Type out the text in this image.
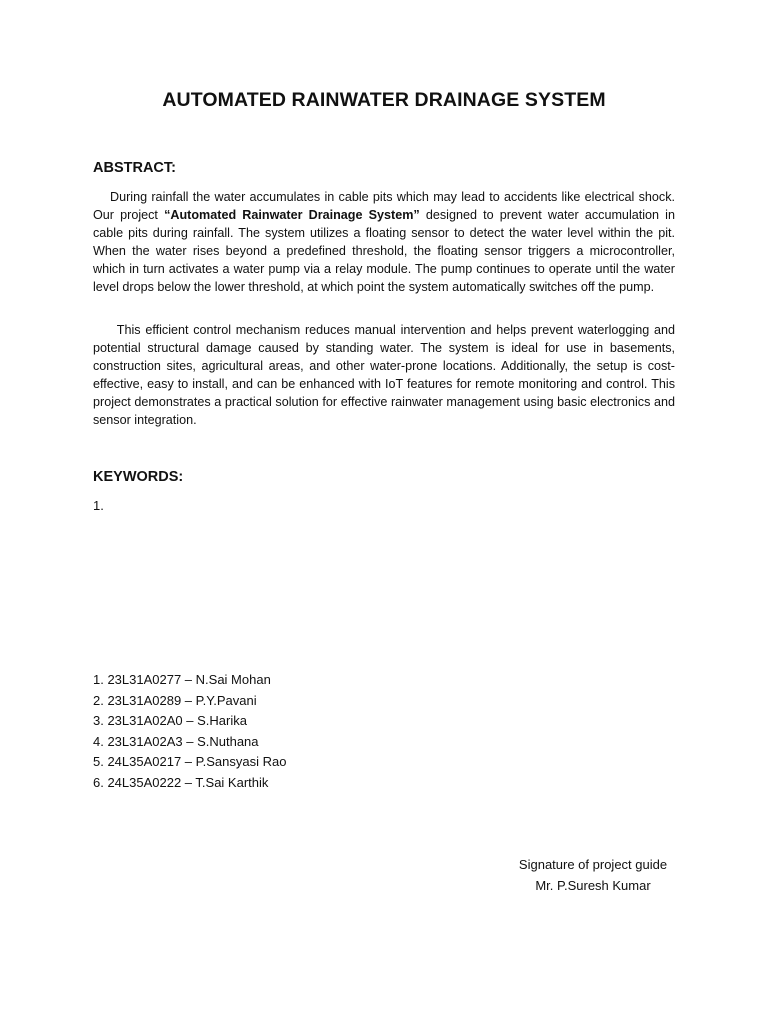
AUTOMATED RAINWATER DRAINAGE SYSTEM
ABSTRACT:

During rainfall the water accumulates in cable pits which may lead to accidents like electrical shock. Our project “Automated Rainwater Drainage System” designed to prevent water accumulation in cable pits during rainfall. The system utilizes a floating sensor to detect the water level within the pit. When the water rises beyond a predefined threshold, the floating sensor triggers a microcontroller, which in turn activates a water pump via a relay module. The pump continues to operate until the water level drops below the lower threshold, at which point the system automatically switches off the pump.

This efficient control mechanism reduces manual intervention and helps prevent waterlogging and potential structural damage caused by standing water. The system is ideal for use in basements, construction sites, agricultural areas, and other water-prone locations. Additionally, the setup is cost-effective, easy to install, and can be enhanced with IoT features for remote monitoring and control. This project demonstrates a practical solution for effective rainwater management using basic electronics and sensor integration.

KEYWORDS:
1.
1. 23L31A0277 – N.Sai Mohan
2. 23L31A0289 – P.Y.Pavani
3. 23L31A02A0 – S.Harika
4. 23L31A02A3 – S.Nuthana
5. 24L35A0217 – P.Sansyasi Rao
6. 24L35A0222 – T.Sai Karthik
Signature of project guide
Mr. P.Suresh Kumar
